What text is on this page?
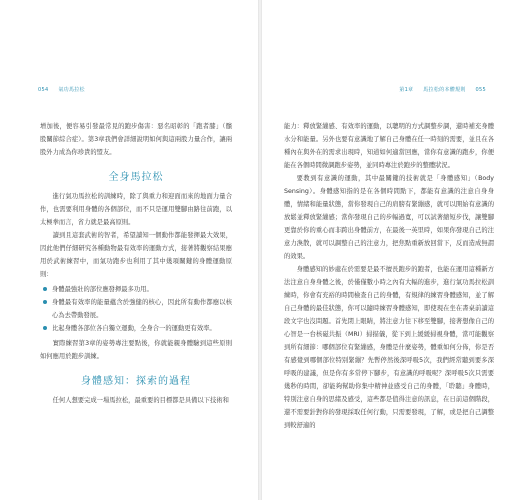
054 氣功馬拉松

增加後，便容易引發最常見的跑步傷害：惡名昭彰的「跑者膝」（髕股關節綜合症）。第3章我們會詳細說明如何與這兩股力量合作，讓兩股外力成為你珍貴的盟友。

全身馬拉松

進行氣功馬拉松的訓練時，除了與重力和迎面而來的地面力量合作，也需要利用身體的各個部位，而不只是運用雙腳由路往前跑，以太極拳而言，省力就是最高原則。

讀到且這套武術的智者，希望讀知一個動作都能發揮最大效果，因此他們仔細研究各種動物最有效率的運動方式，接著將觀察結果應用於武術練習中，而氣功跑步也利用了其中幾項關鍵的身體運動原則：

身體最強壯的部位應發揮最多功用。
身體最有效率的能量蘊含於強健的核心，因此所有動作都應以核心為去帶動發展。
比起身體各部位各自獨立運動，全身合一的運動更有效率。

實際練習第3章的姿勢專注要點後，你就能親身體驗到這些原則如何應用於跑步訓練。

身體感知：探索的過程

任何人想要完成一場馬拉松，最重要的目標都是具備以下技術和

第1章 馬拉松的本體規則 055

能力：釋放緊繃感、有效率的運動，以聰明的方式調整步調，還時補充身體水分和能量。另外也要有意識地了解自己身體在任一時刻的需要，並且在各種內在與外在的需求出現時，知道如何適當回應，當你有意識的跑步，你便能在各個時間微調跑步姿勢，並同時專注於跑步的整體狀況。

要教到有意識的運動，其中最關鍵的技術就是「身體感知」（Body Sensing）。身體感知指的是在各個時間點下，都能有意識的注意自身身體，情緒和能量狀態，當你發現自己的肩膀有緊繃感，就可以開始有意識的放鬆並釋放緊繃感；當你發現自己的步幅過寬，可以試著縮短步伐，讓雙腳更靠於你的重心而非跨出身體前方，在最後一英里時，如果你發現自己的注意力渙散，就可以調整自己的注意力，把焦點重新放回當下，反而造成無謂的效果。

身體感知的妙處在於需要是最不擅長跑步的跑者，也能在運用這種新方法注意自身身體之後，於僅僅數小時之內有大幅的進步，進行氣功馬拉松訓練時，你會有充裕的時間檢查自己的身體，有規律的練習身體感知，並了解自己身體的最佳狀態，你可以隨時練習身體感知，即使現在坐在書桌前讀這段文字也沒問題。首先閉上眼睛，將注意力往下移至雙腳，接著想像自己的心智是一台核磁共振（MRI）掃描儀，從下到上緩緩掃視身體，當可能觀察到所有細節：哪個部位有緊繃感，身體是什麼姿勢，體重如何分佈，你是否有感覺到哪個部位特別緊繃？先暫停然後深呼吸5次，我們經常聽到要多深呼吸的建議，但是你有多常停下腳步，有意識的呼吸呢？深呼吸5次只需要幾秒的時間，卻能夠幫助你集中精神並感受自己的身體，「聆聽」身體時，特別注意自身的思緒及感受，這些都是值得注意的訊息，在日前這個階段，還不需要針對你的發現採取任何行動，只需要發現，了解，或是把自己調整到較舒適的
